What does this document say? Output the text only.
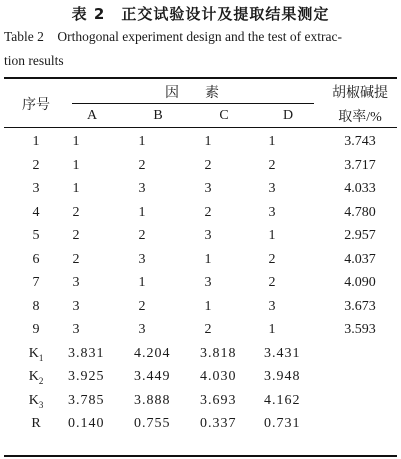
表 2　正交试验设计及提取结果测定
Table 2　Orthogonal experiment design and the test of extrac-
tion results
序号
因　素	胡椒碱提
取率/%
A	B	C	D
1	1	1	1	1	3.743
2	1	2	2	2	3.717
3	1	3	3	3	4.033
4	2	1	2	3	4.780
5	2	2	3	1	2.957
6	2	3	1	2	4.037
7	3	1	3	2	4.090
8	3	2	1	3	3.673
9	3	3	2	1	3.593
$K_1$	3.831	4.204	3.818	3.431
$K_2$	3.925	3.449	4.030	3.948
$K_3$	3.785	3.888	3.693	4.162
R	0.140	0.755	0.337	0.731
